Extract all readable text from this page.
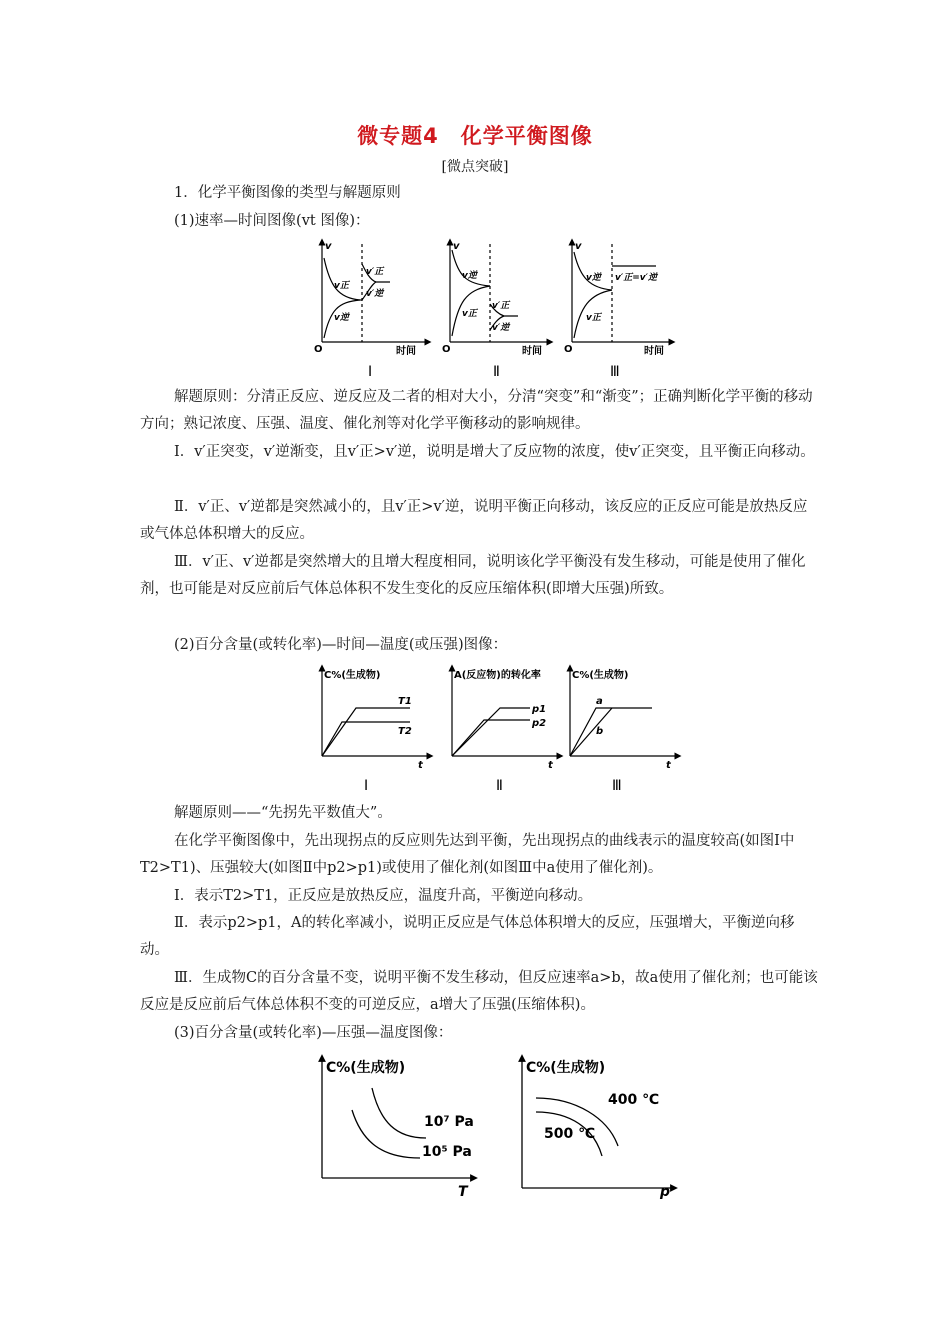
微专题4　化学平衡图像
[微点突破]

1．化学平衡图像的类型与解题原则

(1)速率—时间图像(vt 图像)：

v	v	v
O	O	O
时间	时间	时间
v正
v逆
v′正
v′逆
v逆
v正
v′正
v′逆
v逆
v正
v′正=v′逆
Ⅰ	Ⅱ	Ⅲ

解题原则：分清正反应、逆反应及二者的相对大小，分清“突变”和“渐变”；正确判断化学平衡的移动方向；熟记浓度、压强、温度、催化剂等对化学平衡移动的影响规律。

Ⅰ．v′正突变，v′逆渐变，且v′正>v′逆，说明是增大了反应物的浓度，使v′正突变，且平衡正向移动。

Ⅱ．v′正、v′逆都是突然减小的，且v′正>v′逆，说明平衡正向移动，该反应的正反应可能是放热反应或气体总体积增大的反应。

Ⅲ．v′正、v′逆都是突然增大的且增大程度相同，说明该化学平衡没有发生移动，可能是使用了催化剂，也可能是对反应前后气体总体积不发生变化的反应压缩体积(即增大压强)所致。

(2)百分含量(或转化率)—时间—温度(或压强)图像：

C%(生成物)	A(反应物)的转化率	C%(生成物)
T1
T2
p1
p2
a
b
t	t	t
Ⅰ	Ⅱ	Ⅲ

解题原则——“先拐先平数值大”。

在化学平衡图像中，先出现拐点的反应则先达到平衡，先出现拐点的曲线表示的温度较高(如图Ⅰ中T2>T1)、压强较大(如图Ⅱ中p2>p1)或使用了催化剂(如图Ⅲ中a使用了催化剂)。

Ⅰ．表示T2>T1，正反应是放热反应，温度升高，平衡逆向移动。

Ⅱ．表示p2>p1，A的转化率减小，说明正反应是气体总体积增大的反应，压强增大，平衡逆向移动。

Ⅲ．生成物C的百分含量不变，说明平衡不发生移动，但反应速率a>b，故a使用了催化剂；也可能该反应是反应前后气体总体积不变的可逆反应，a增大了压强(压缩体积)。

(3)百分含量(或转化率)—压强—温度图像：

C%(生成物)	C%(生成物)
10⁷ Pa
10⁵ Pa
400 ℃
500 ℃
T	p
